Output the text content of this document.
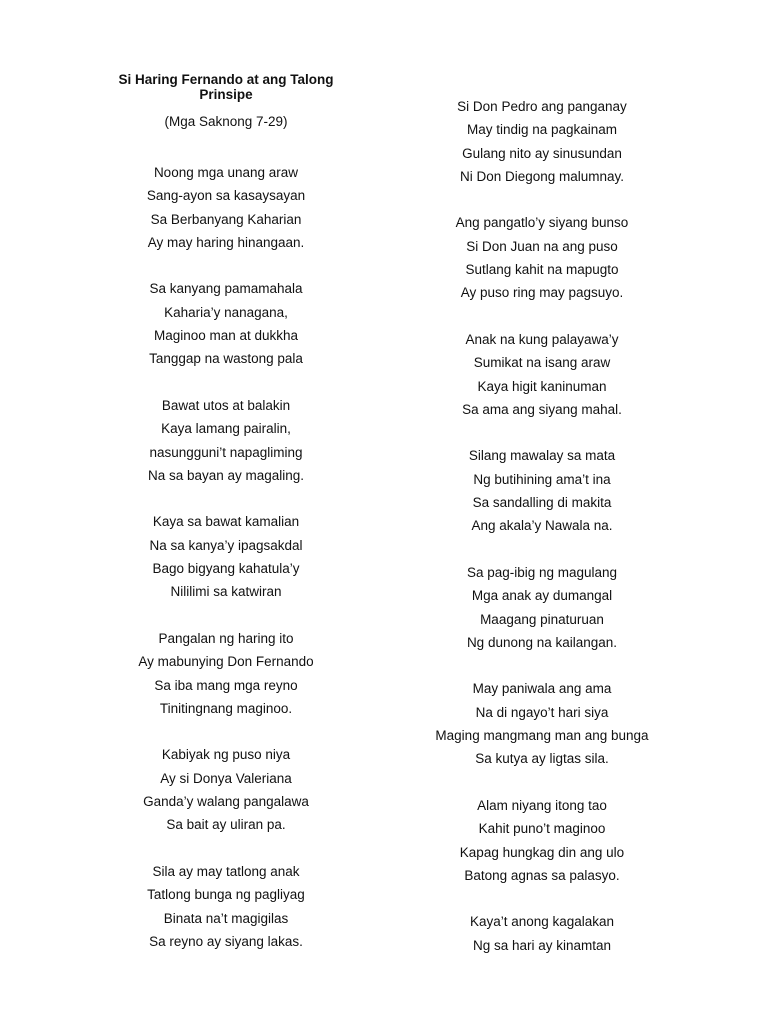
Si Haring Fernando at ang Talong
Prinsipe
(Mga Saknong 7-29)
Noong mga unang araw
Sang-ayon sa kasaysayan
Sa Berbanyang Kaharian
Ay may haring hinangaan.
Sa kanyang pamamahala
Kaharia’y nanagana,
Maginoo man at dukkha
Tanggap na wastong pala
Bawat utos at balakin
Kaya lamang pairalin,
nasungguni’t napagliming
Na sa bayan ay magaling.
Kaya sa bawat kamalian
Na sa kanya’y ipagsakdal
Bago bigyang kahatula’y
Nililimi sa katwiran
Pangalan ng haring ito
Ay mabunying Don Fernando
Sa iba mang mga reyno
Tinitingnang maginoo.
Kabiyak ng puso niya
Ay si Donya Valeriana
Ganda’y walang pangalawa
Sa bait ay uliran pa.
Sila ay may tatlong anak
Tatlong bunga ng pagliyag
Binata na’t magigilas
Sa reyno ay siyang lakas.
Si Don Pedro ang panganay
May tindig na pagkainam
Gulang nito ay sinusundan
Ni Don Diegong malumnay.
Ang pangatlo’y siyang bunso
Si Don Juan na ang puso
Sutlang kahit na mapugto
Ay puso ring may pagsuyo.
Anak na kung palayawa’y
Sumikat na isang araw
Kaya higit kaninuman
Sa ama ang siyang mahal.
Silang mawalay sa mata
Ng butihining ama’t ina
Sa sandalling di makita
Ang akala’y Nawala na.
Sa pag-ibig ng magulang
Mga anak ay dumangal
Maagang pinaturuan
Ng dunong na kailangan.
May paniwala ang ama
Na di ngayo’t hari siya
Maging mangmang man ang bunga
Sa kutya ay ligtas sila.
Alam niyang itong tao
Kahit puno’t maginoo
Kapag hungkag din ang ulo
Batong agnas sa palasyo.
Kaya’t anong kagalakan
Ng sa hari ay kinamtan
